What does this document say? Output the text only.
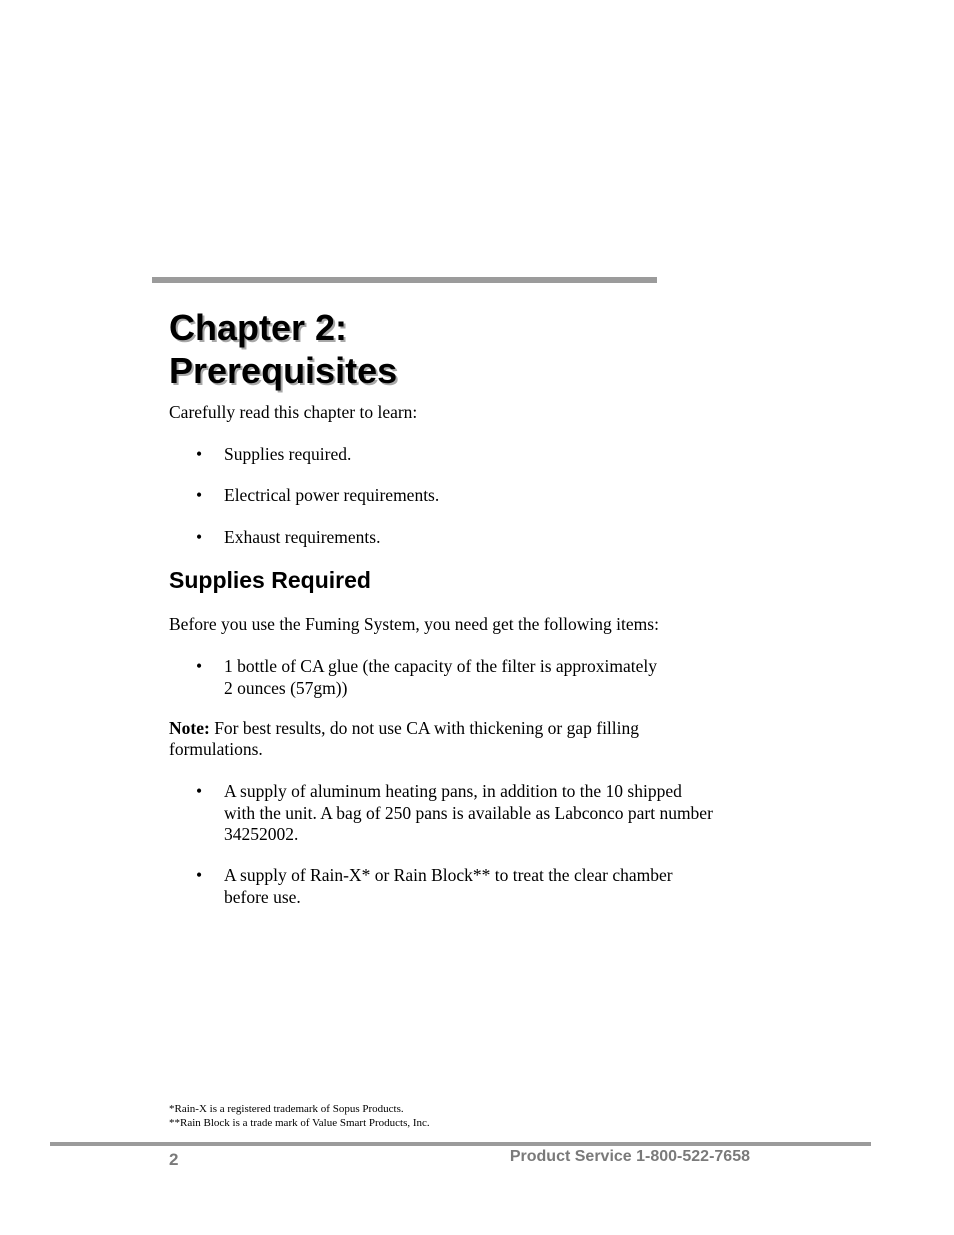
Chapter 2:
Prerequisites

Carefully read this chapter to learn:

• Supplies required.

• Electrical power requirements.

• Exhaust requirements.

Supplies Required

Before you use the Fuming System, you need get the following items:

• 1 bottle of CA glue (the capacity of the filter is approximately
2 ounces (57gm))

Note: For best results, do not use CA with thickening or gap filling
formulations.

• A supply of aluminum heating pans, in addition to the 10 shipped
with the unit. A bag of 250 pans is available as Labconco part number
34252002.

• A supply of Rain-X* or Rain Block** to treat the clear chamber
before use.

*Rain-X is a registered trademark of Sopus Products.

**Rain Block is a trade mark of Value Smart Products, Inc.

2	Product Service 1-800-522-7658
